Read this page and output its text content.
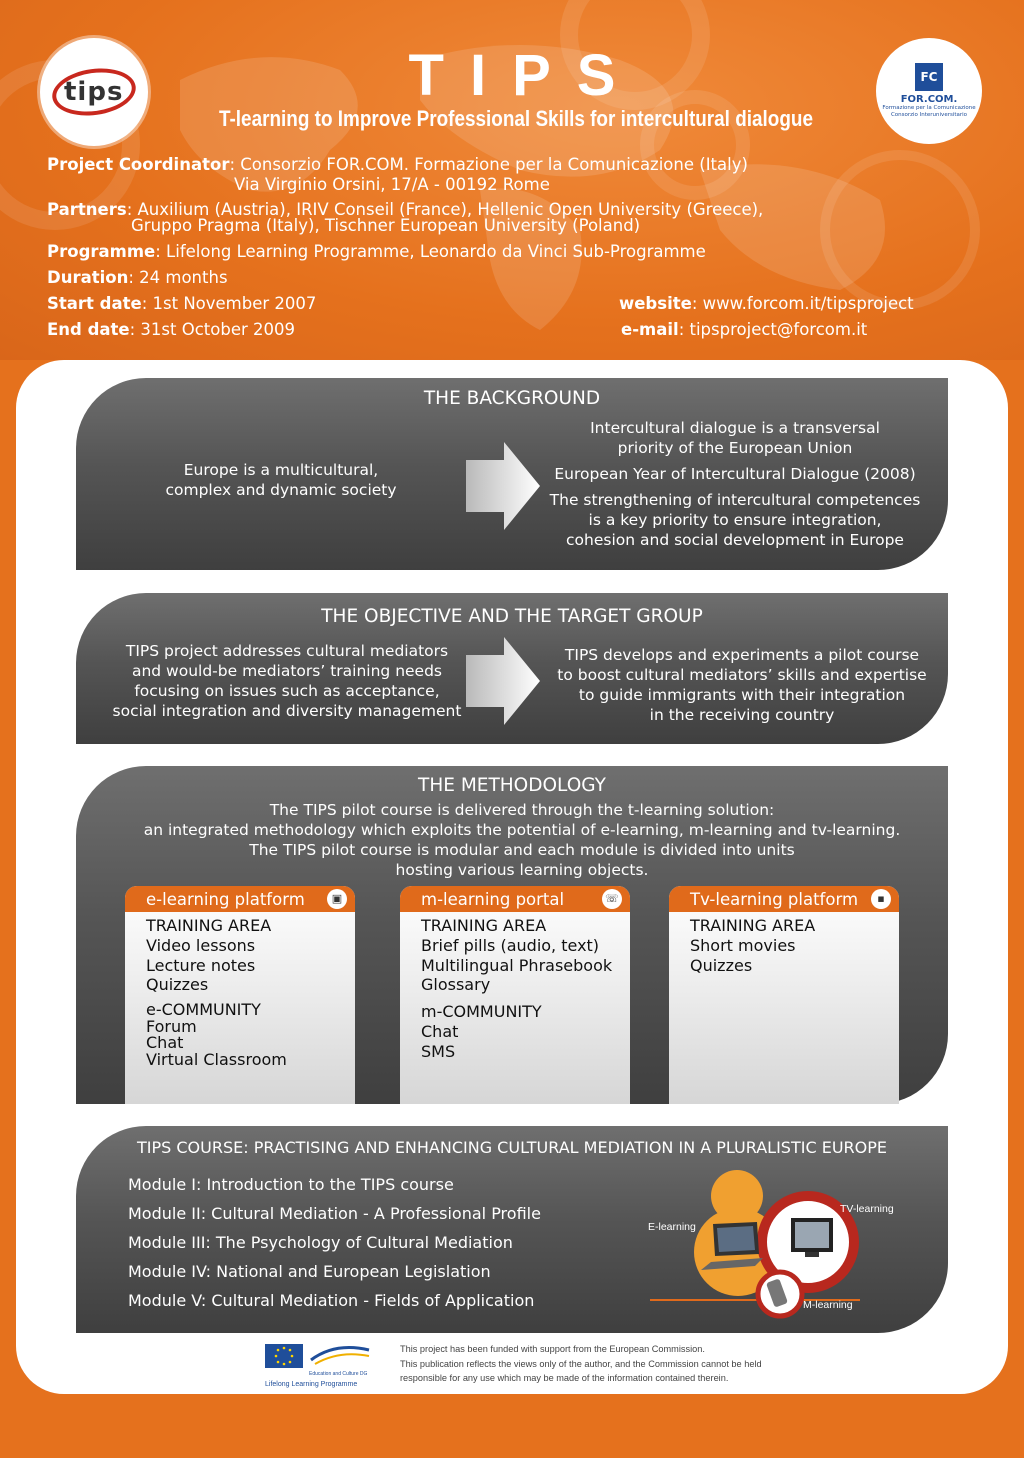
tips	FC
FOR.COM.
Formazione per la Comunicazione
Consorzio Interuniversitario
TIPS
T-learning to Improve Professional Skills for intercultural dialogue
Project Coordinator: Consorzio FOR.COM. Formazione per la Comunicazione (Italy)
Via Virginio Orsini, 17/A - 00192 Rome
Partners: Auxilium (Austria), IRIV Conseil (France), Hellenic Open University (Greece),
Gruppo Pragma (Italy), Tischner European University (Poland)
Programme: Lifelong Learning Programme, Leonardo da Vinci Sub-Programme
Duration: 24 months
Start date: 1st November 2007
End date: 31st October 2009
website: www.forcom.it/tipsproject
e-mail: tipsproject@forcom.it
THE BACKGROUND
Europe is a multicultural,
complex and dynamic society
Intercultural dialogue is a transversal
priority of the European Union
European Year of Intercultural Dialogue (2008)
The strengthening of intercultural competences
is a key priority to ensure integration,
cohesion and social development in Europe
THE OBJECTIVE AND THE TARGET GROUP
TIPS project addresses cultural mediators
and would-be mediators’ training needs
focusing on issues such as acceptance,
social integration and diversity management
TIPS develops and experiments a pilot course
to boost cultural mediators’ skills and expertise
to guide immigrants with their integration
in the receiving country
THE METHODOLOGY
The TIPS pilot course is delivered through the t-learning solution:
an integrated methodology which exploits the potential of e-learning, m-learning and tv-learning.
The TIPS pilot course is modular and each module is divided into units
hosting various learning objects.
e-learning platform	▣
TRAINING AREA
Video lessons
Lecture notes
Quizzes
e-COMMUNITY
Forum
Chat
Virtual Classroom
m-learning portal	☏
TRAINING AREA
Brief pills (audio, text)
Multilingual Phrasebook
Glossary
m-COMMUNITY
Chat
SMS
Tv-learning platform	▪
TRAINING AREA
Short movies
Quizzes
TIPS COURSE: PRACTISING AND ENHANCING CULTURAL MEDIATION IN A PLURALISTIC EUROPE
Module I: Introduction to the TIPS course
Module II: Cultural Mediation - A Professional Profile
Module III: The Psychology of Cultural Mediation
Module IV: National and European Legislation
Module V: Cultural Mediation - Fields of Application
E-learning
TV-learning
M-learning
Education and Culture DG
Lifelong Learning Programme
This project has been funded with support from the European Commission.
This publication reflects the views only of the author, and the Commission cannot be held
responsible for any use which may be made of the information contained therein.
